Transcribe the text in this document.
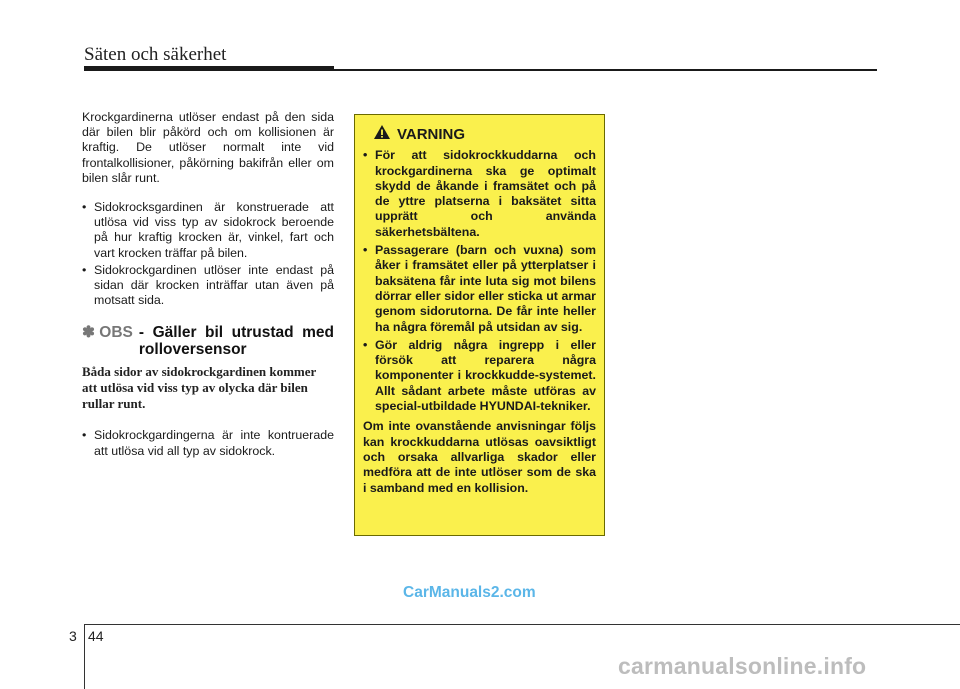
Säten och säkerhet

Krockgardinerna utlöser endast på den sida där bilen blir påkörd och om kollisionen är kraftig. De utlöser normalt inte vid frontalkollisioner, påkörning bakifrån eller om bilen slår runt.

• Sidokrocksgardinen är konstruerade att utlösa vid viss typ av sidokrock beroende på hur kraftig krocken är, vinkel, fart och vart krocken träffar på bilen.
• Sidokrockgardinen utlöser inte endast på sidan där krocken inträffar utan även på motsatt sida.
✽ OBS - Gäller bil utrustad med rolloversensor
Båda sidor av sidokrockgardinen kommer att utlösa vid viss typ av olycka där bilen rullar runt.
• Sidokrockgardingerna är inte kontruerade att utlösa vid all typ av sidokrock.
VARNING
• För att sidokrockkuddarna och krockgardinerna ska ge optimalt skydd de åkande i framsätet och på de yttre platserna i baksätet sitta upprätt och använda säkerhetsbältena.
• Passagerare (barn och vuxna) som åker i framsätet eller på ytterplatser i baksätena får inte luta sig mot bilens dörrar eller sidor eller sticka ut armar genom sidorutorna. De får inte heller ha några föremål på utsidan av sig.
• Gör aldrig några ingrepp i eller försök att reparera några komponenter i krockkudde-systemet. Allt sådant arbete måste utföras av special-utbildade HYUNDAI-tekniker.

Om inte ovanstående anvisningar följs kan krockkuddarna utlösas oavsiktligt och orsaka allvarliga skador eller medföra att de inte utlöser som de ska i samband med en kollision.

CarManuals2.com
3 44
carmanualsonline.info
